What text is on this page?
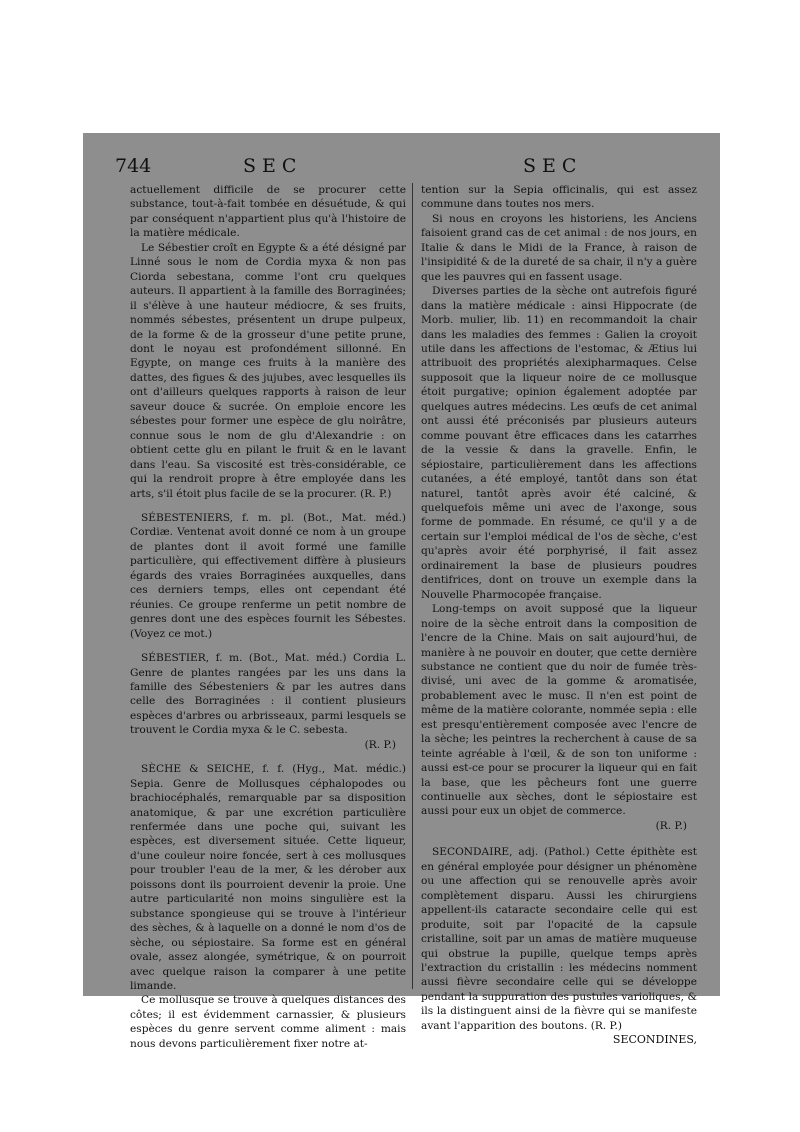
744	SEC	SEC

actuellement difficile de se procurer cette substance, tout-à-fait tombée en désuétude, & qui par conséquent n'appartient plus qu'à l'histoire de la matière médicale.

Le Sébestier croît en Egypte & a été désigné par Linné sous le nom de Cordia myxa & non pas Ciorda sebestana, comme l'ont cru quelques auteurs. Il appartient à la famille des Borraginées; il s'élève à une hauteur médiocre, & ses fruits, nommés sébestes, présentent un drupe pulpeux, de la forme & de la grosseur d'une petite prune, dont le noyau est profondément sillonné. En Egypte, on mange ces fruits à la manière des dattes, des figues & des jujubes, avec lesquelles ils ont d'ailleurs quelques rapports à raison de leur saveur douce & sucrée. On emploie encore les sébestes pour former une espèce de glu noirâtre, connue sous le nom de glu d'Alexandrie : on obtient cette glu en pilant le fruit & en le lavant dans l'eau. Sa viscosité est très-considérable, ce qui la rendroit propre à être employée dans les arts, s'il étoit plus facile de se la procurer. (R. P.)

SÉBESTENIERS, f. m. pl. (Bot., Mat. méd.) Cordiæ. Ventenat avoit donné ce nom à un groupe de plantes dont il avoit formé une famille particulière, qui effectivement diffère à plusieurs égards des vraies Borraginées auxquelles, dans ces derniers temps, elles ont cependant été réunies. Ce groupe renferme un petit nombre de genres dont une des espèces fournit les Sébestes. (Voyez ce mot.)

SÉBESTIER, f. m. (Bot., Mat. méd.) Cordia L. Genre de plantes rangées par les uns dans la famille des Sébesteniers & par les autres dans celle des Borraginées : il contient plusieurs espèces d'arbres ou arbrisseaux, parmi lesquels se trouvent le Cordia myxa & le C. sebesta.

(R. P.)

SÈCHE & SEICHE, f. f. (Hyg., Mat. médic.) Sepia. Genre de Mollusques céphalopodes ou brachiocéphalés, remarquable par sa disposition anatomique, & par une excrétion particulière renfermée dans une poche qui, suivant les espèces, est diversement située. Cette liqueur, d'une couleur noire foncée, sert à ces mollusques pour troubler l'eau de la mer, & les dérober aux poissons dont ils pourroient devenir la proie. Une autre particularité non moins singulière est la substance spongieuse qui se trouve à l'intérieur des sèches, & à laquelle on a donné le nom d'os de sèche, ou sépiostaire. Sa forme est en général ovale, assez alongée, symétrique, & on pourroit avec quelque raison la comparer à une petite limande.

Ce mollusque se trouve à quelques distances des côtes; il est évidemment carnassier, & plusieurs espèces du genre servent comme aliment : mais nous devons particulièrement fixer notre at-

tention sur la Sepia officinalis, qui est assez commune dans toutes nos mers.

Si nous en croyons les historiens, les Anciens faisoient grand cas de cet animal : de nos jours, en Italie & dans le Midi de la France, à raison de l'insipidité & de la dureté de sa chair, il n'y a guère que les pauvres qui en fassent usage.

Diverses parties de la sèche ont autrefois figuré dans la matière médicale : ainsi Hippocrate (de Morb. mulier, lib. 11) en recommandoit la chair dans les maladies des femmes : Galien la croyoit utile dans les affections de l'estomac, & Ætius lui attribuoit des propriétés alexipharmaques. Celse supposoit que la liqueur noire de ce mollusque étoit purgative; opinion également adoptée par quelques autres médecins. Les œufs de cet animal ont aussi été préconisés par plusieurs auteurs comme pouvant être efficaces dans les catarrhes de la vessie & dans la gravelle. Enfin, le sépiostaire, particulièrement dans les affections cutanées, a été employé, tantôt dans son état naturel, tantôt après avoir été calciné, & quelquefois même uni avec de l'axonge, sous forme de pommade. En résumé, ce qu'il y a de certain sur l'emploi médical de l'os de sèche, c'est qu'après avoir été porphyrisé, il fait assez ordinairement la base de plusieurs poudres dentifrices, dont on trouve un exemple dans la Nouvelle Pharmocopée française.

Long-temps on avoit supposé que la liqueur noire de la sèche entroit dans la composition de l'encre de la Chine. Mais on sait aujourd'hui, de manière à ne pouvoir en douter, que cette dernière substance ne contient que du noir de fumée très-divisé, uni avec de la gomme & aromatisée, probablement avec le musc. Il n'en est point de même de la matière colorante, nommée sepia : elle est presqu'entièrement composée avec l'encre de la sèche; les peintres la recherchent à cause de sa teinte agréable à l'œil, & de son ton uniforme : aussi est-ce pour se procurer la liqueur qui en fait la base, que les pêcheurs font une guerre continuelle aux sèches, dont le sépiostaire est aussi pour eux un objet de commerce.

(R. P.)

SECONDAIRE, adj. (Pathol.) Cette épithète est en général employée pour désigner un phénomène ou une affection qui se renouvelle après avoir complètement disparu. Aussi les chirurgiens appellent-ils cataracte secondaire celle qui est produite, soit par l'opacité de la capsule cristalline, soit par un amas de matière muqueuse qui obstrue la pupille, quelque temps après l'extraction du cristallin : les médecins nomment aussi fièvre secondaire celle qui se développe pendant la suppuration des pustules varioliques, & ils la distinguent ainsi de la fièvre qui se manifeste avant l'apparition des boutons. (R. P.)

SECONDINES,
